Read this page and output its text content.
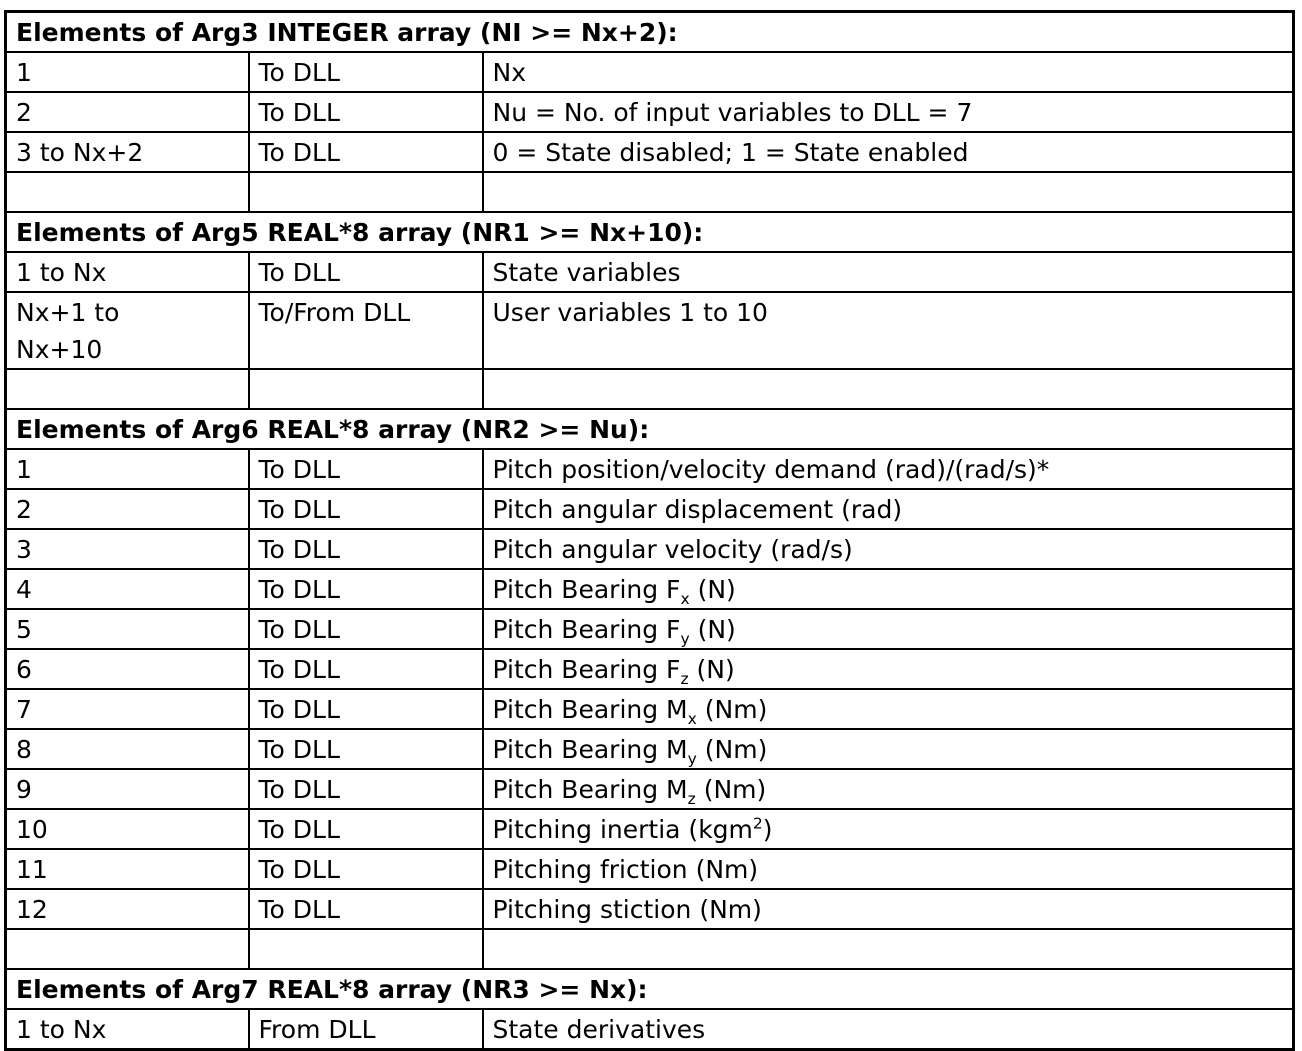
Elements of Arg3 INTEGER array (NI >= Nx+2):		
1	To DLL	Nx
2	To DLL	Nu = No. of input variables to DLL = 7
3 to Nx+2	To DLL	0 = State disabled; 1 = State enabled

Elements of Arg5 REAL*8 array (NR1 >= Nx+10):		
1 to Nx	To DLL	State variables
Nx+1 to
Nx+10	To/From DLL	User variables 1 to 10

Elements of Arg6 REAL*8 array (NR2 >= Nu):		
1	To DLL	Pitch position/velocity demand (rad)/(rad/s)*
2	To DLL	Pitch angular displacement (rad)
3	To DLL	Pitch angular velocity (rad/s)
4	To DLL	Pitch Bearing $F_x$ (N)
5	To DLL	Pitch Bearing $F_y$ (N)
6	To DLL	Pitch Bearing $F_z$ (N)
7	To DLL	Pitch Bearing $M_x$ (Nm)
8	To DLL	Pitch Bearing $M_y$ (Nm)
9	To DLL	Pitch Bearing $M_z$ (Nm)
10	To DLL	Pitching inertia (kgm$^2$)
11	To DLL	Pitching friction (Nm)
12	To DLL	Pitching stiction (Nm)

Elements of Arg7 REAL*8 array (NR3 >= Nx):		
1 to Nx	From DLL	State derivatives
